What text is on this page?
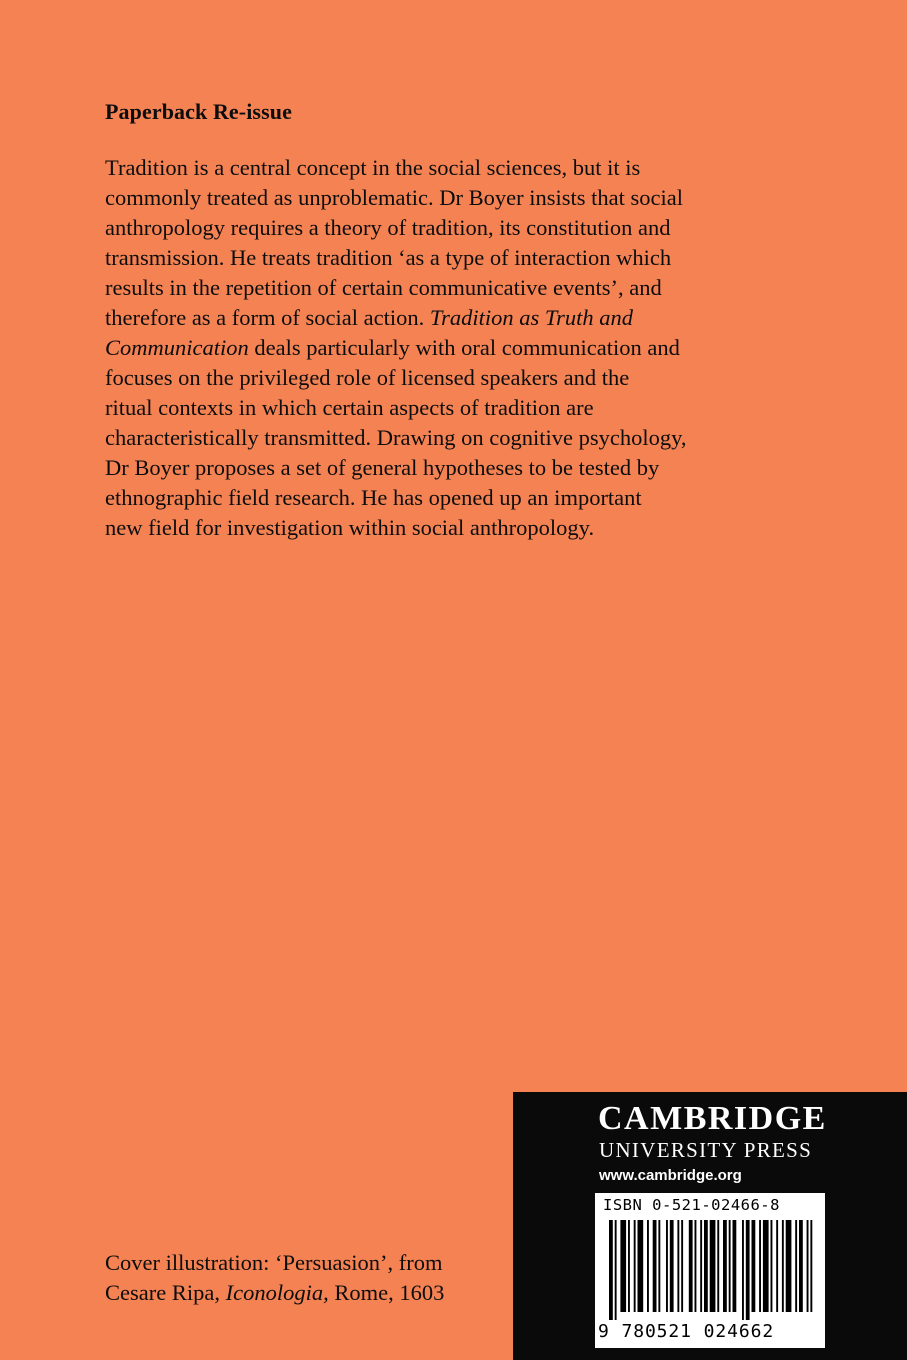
Paperback Re-issue
Tradition is a central concept in the social sciences, but it is
commonly treated as unproblematic. Dr Boyer insists that social
anthropology requires a theory of tradition, its constitution and
transmission. He treats tradition ‘as a type of interaction which
results in the repetition of certain communicative events’, and
therefore as a form of social action. Tradition as Truth and
Communication deals particularly with oral communication and
focuses on the privileged role of licensed speakers and the
ritual contexts in which certain aspects of tradition are
characteristically transmitted. Drawing on cognitive psychology,
Dr Boyer proposes a set of general hypotheses to be tested by
ethnographic field research. He has opened up an important
new field for investigation within social anthropology.
Cover illustration: ‘Persuasion’, from
Cesare Ripa, Iconologia, Rome, 1603
CAMBRIDGE
UNIVERSITY PRESS
www.cambridge.org
ISBN 0-521-02466-8
9 780521 024662
